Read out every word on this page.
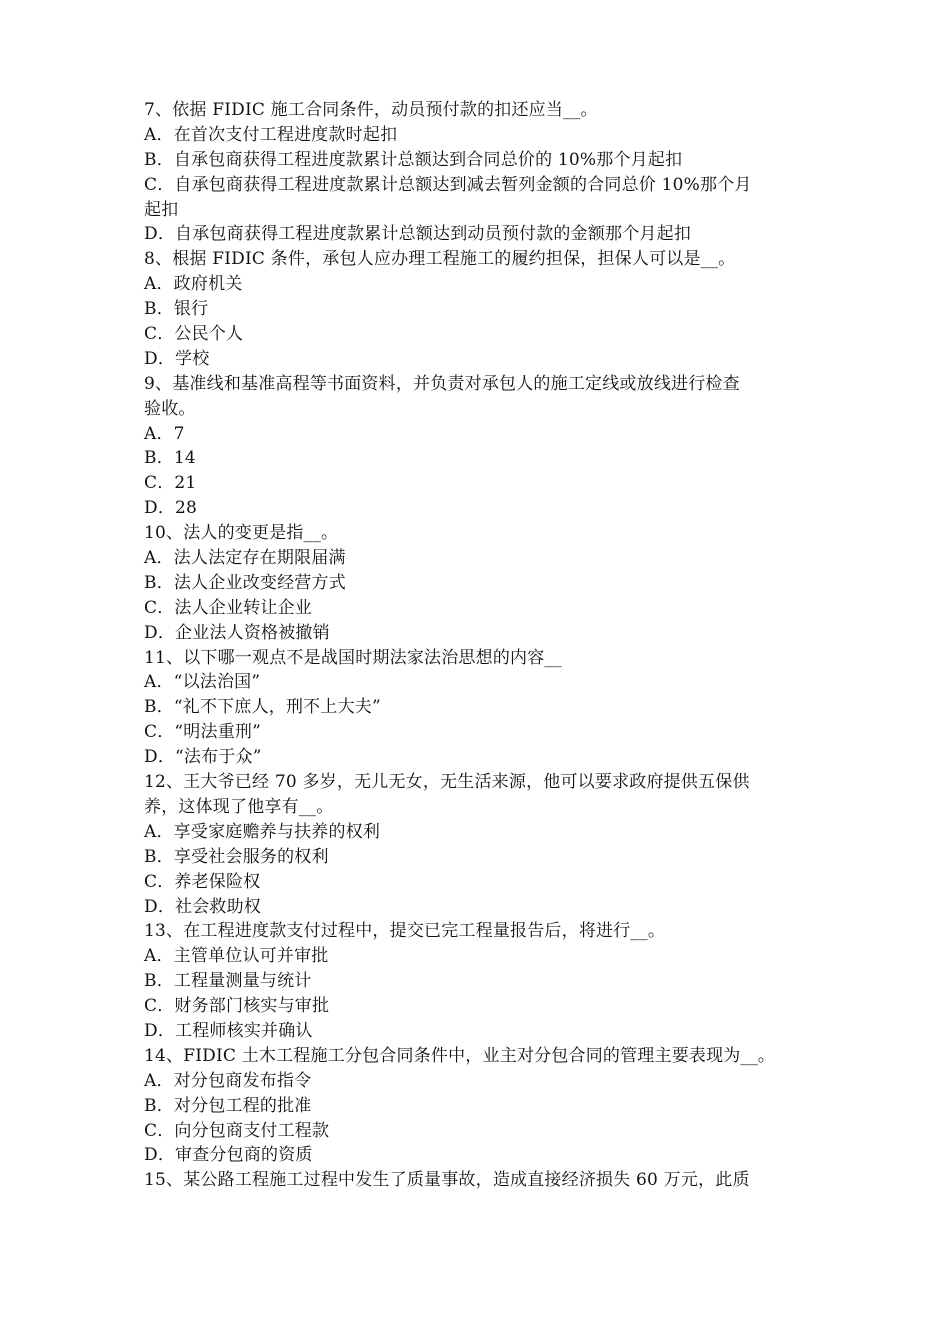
7、依据 FIDIC 施工合同条件，动员预付款的扣还应当__。
A．在首次支付工程进度款时起扣
B．自承包商获得工程进度款累计总额达到合同总价的 10%那个月起扣
C．自承包商获得工程进度款累计总额达到减去暂列金额的合同总价 10%那个月
起扣
D．自承包商获得工程进度款累计总额达到动员预付款的金额那个月起扣
8、根据 FIDIC 条件，承包人应办理工程施工的履约担保，担保人可以是__。
A．政府机关
B．银行
C．公民个人
D．学校
9、基准线和基准高程等书面资料，并负责对承包人的施工定线或放线进行检查
验收。
A．7
B．14
C．21
D．28
10、法人的变更是指__。
A．法人法定存在期限届满
B．法人企业改变经营方式
C．法人企业转让企业
D．企业法人资格被撤销
11、以下哪一观点不是战国时期法家法治思想的内容__
A．“以法治国”
B．“礼不下庶人，刑不上大夫”
C．“明法重刑”
D．“法布于众”
12、王大爷已经 70 多岁，无儿无女，无生活来源，他可以要求政府提供五保供
养，这体现了他享有__。
A．享受家庭赡养与扶养的权利
B．享受社会服务的权利
C．养老保险权
D．社会救助权
13、在工程进度款支付过程中，提交已完工程量报告后，将进行__。
A．主管单位认可并审批
B．工程量测量与统计
C．财务部门核实与审批
D．工程师核实并确认
14、FIDIC 土木工程施工分包合同条件中，业主对分包合同的管理主要表现为__。
A．对分包商发布指令
B．对分包工程的批准
C．向分包商支付工程款
D．审查分包商的资质
15、某公路工程施工过程中发生了质量事故，造成直接经济损失 60 万元，此质
